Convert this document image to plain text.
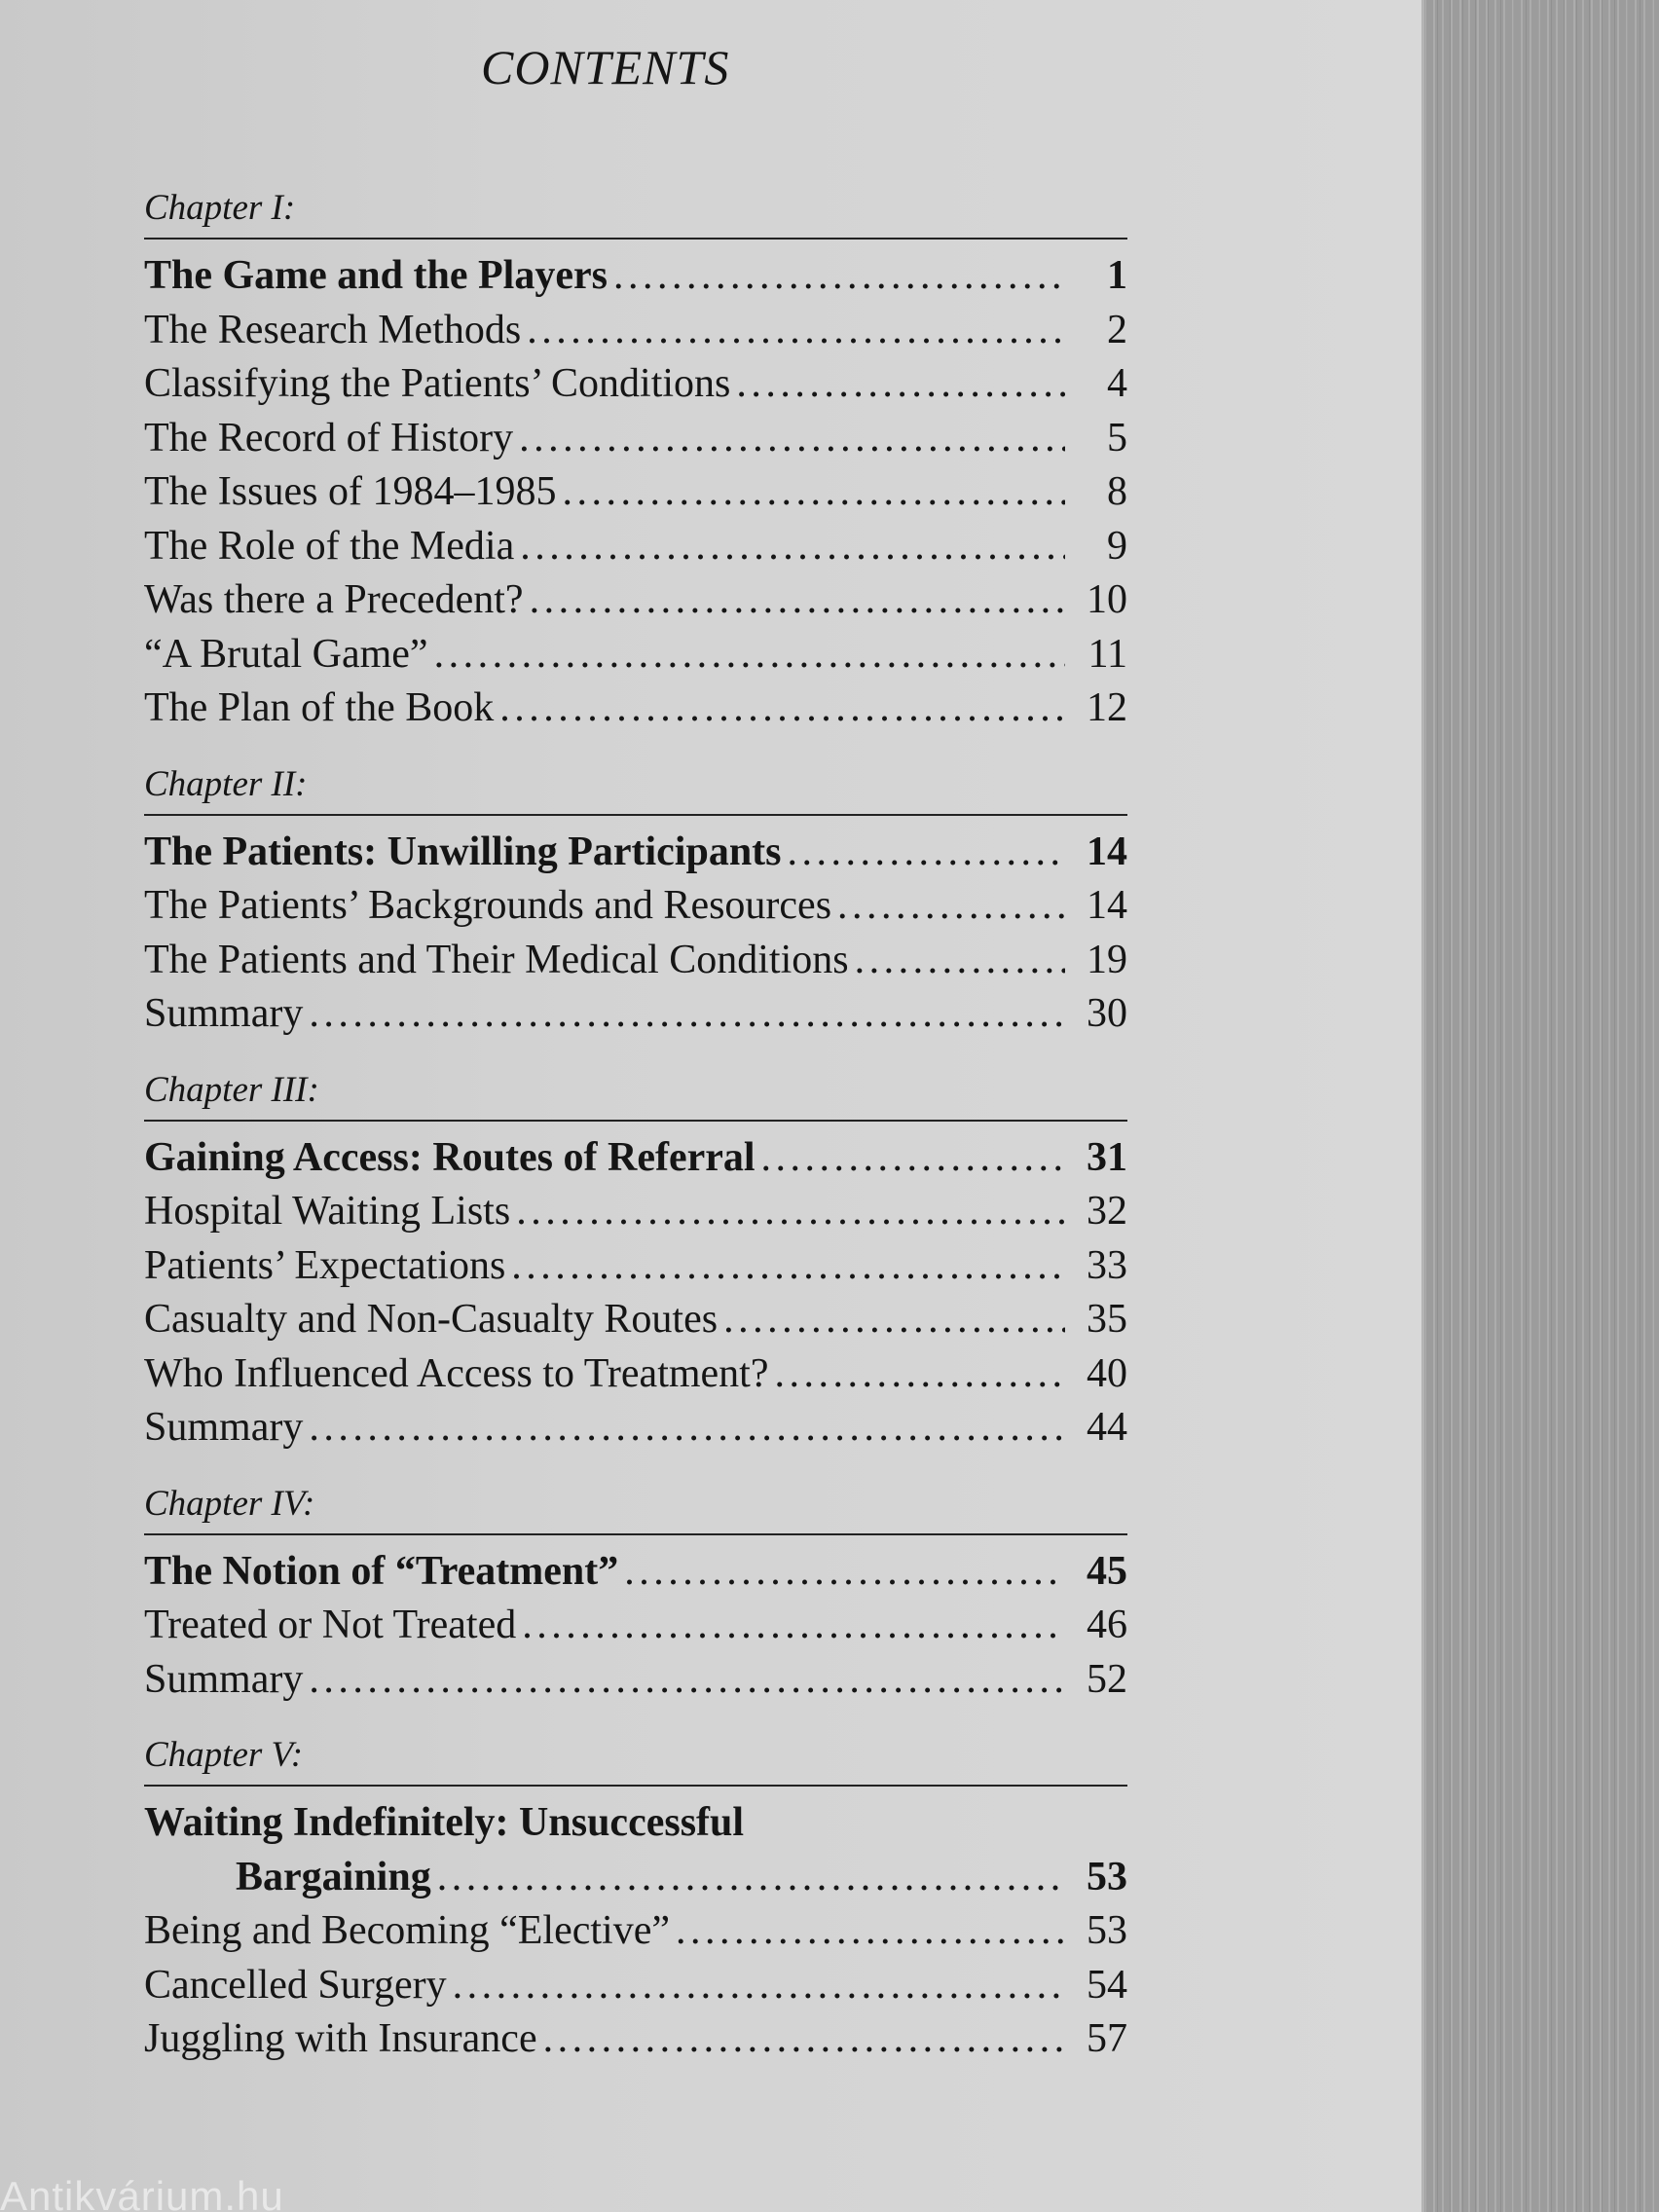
CONTENTS
Chapter I:
The Game and the Players . . .	1
The Research Methods . . .	2
Classifying the Patients’ Conditions . . .	4
The Record of History . . .	5
The Issues of 1984–1985 . . .	8
The Role of the Media . . .	9
Was there a Precedent? . . .	10
“A Brutal Game” . . .	11
The Plan of the Book . . .	12
Chapter II:
The Patients: Unwilling Participants . . .	14
The Patients’ Backgrounds and Resources . . .	14
The Patients and Their Medical Conditions . . .	19
Summary . . .	30
Chapter III:
Gaining Access: Routes of Referral . . .	31
Hospital Waiting Lists . . .	32
Patients’ Expectations . . .	33
Casualty and Non-Casualty Routes . . .	35
Who Influenced Access to Treatment? . . .	40
Summary . . .	44
Chapter IV:
The Notion of “Treatment” . . .	45
Treated or Not Treated . . .	46
Summary . . .	52
Chapter V:
Waiting Indefinitely: Unsuccessful
Bargaining . . .	53
Being and Becoming “Elective” . . .	53
Cancelled Surgery . . .	54
Juggling with Insurance . . .	57
Antikvárium.hu
